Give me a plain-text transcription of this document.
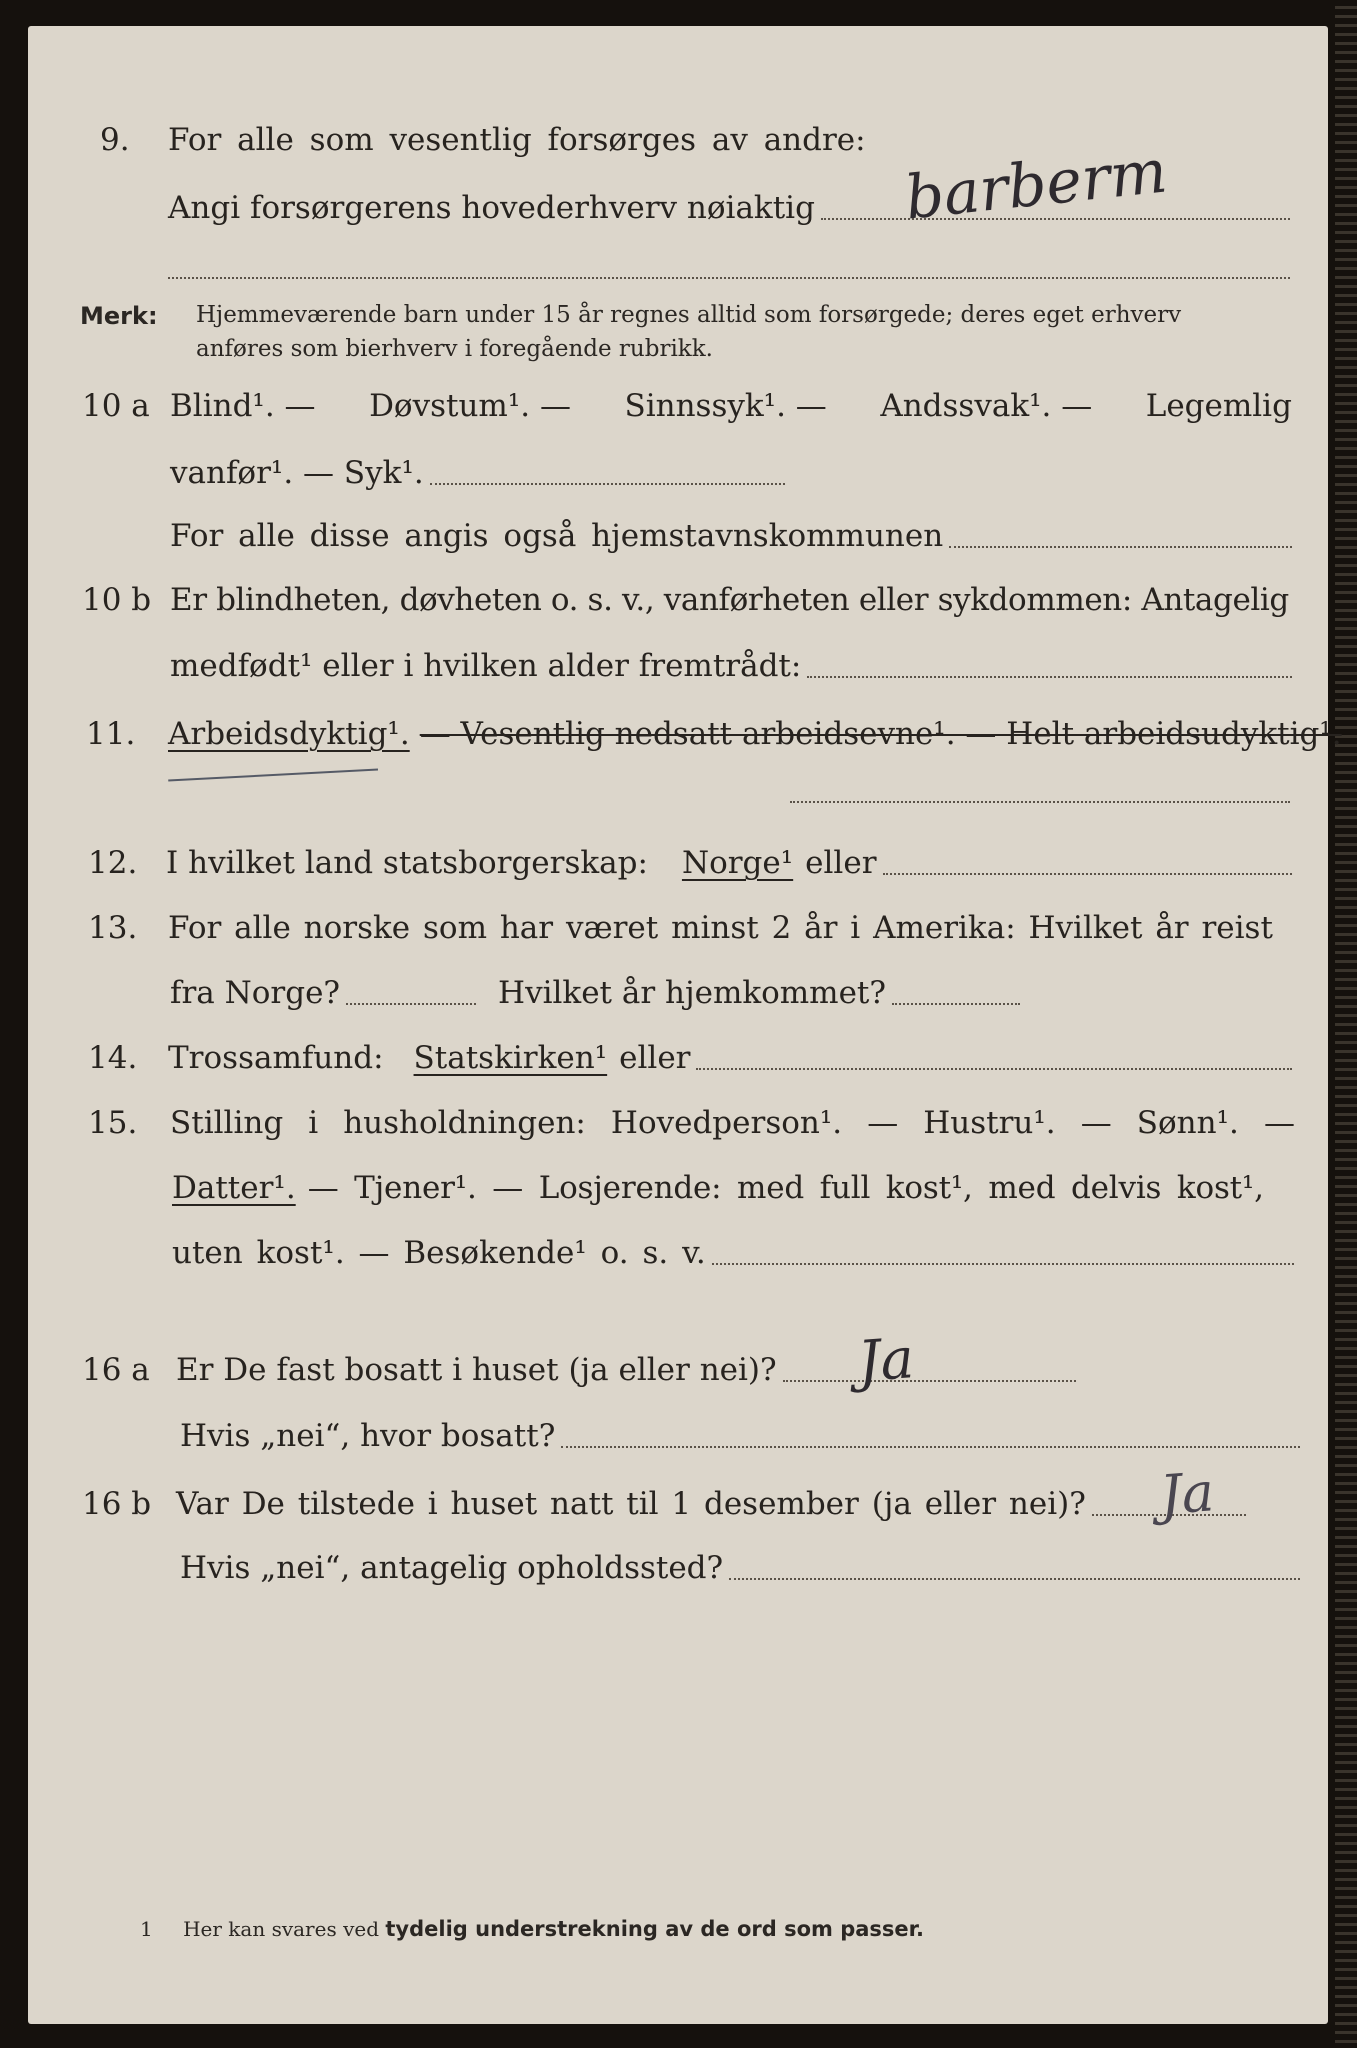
9. For alle som vesentlig forsørges av andre:
Angi forsørgerens hovederhverv nøiaktig barberm
Merk: Hjemmeværende barn under 15 år regnes alltid som forsørgede; deres eget erhverv
anføres som bierhverv i foregående rubrikk.
10 a Blind¹. — Døvstum¹. — Sinnssyk¹. — Andssvak¹. — Legemlig
vanfør¹. — Syk¹.
For alle disse angis også hjemstavnskommunen
10 b Er blindheten, døvheten o. s. v., vanførheten eller sykdommen: Antagelig
medfødt¹ eller i hvilken alder fremtrådt:
11. Arbeidsdyktig¹. — Vesentlig nedsatt arbeidsevne¹. — Helt arbeidsudyktig¹.
12. I hvilket land statsborgerskap: Norge¹ eller
13. For alle norske som har været minst 2 år i Amerika: Hvilket år reist
fra Norge?	Hvilket år hjemkommet?
14. Trossamfund: Statskirken¹ eller
15. Stilling i husholdningen: Hovedperson¹. — Hustru¹. — Sønn¹. —
Datter¹. — Tjener¹. — Losjerende: med full kost¹, med delvis kost¹,
uten kost¹. — Besøkende¹ o. s. v.
16 a Er De fast bosatt i huset (ja eller nei)? Ja
Hvis „nei“, hvor bosatt?
16 b Var De tilstede i huset natt til 1 desember (ja eller nei)? Ja
Hvis „nei“, antagelig opholdssted?
1 Her kan svares ved tydelig understrekning av de ord som passer.
